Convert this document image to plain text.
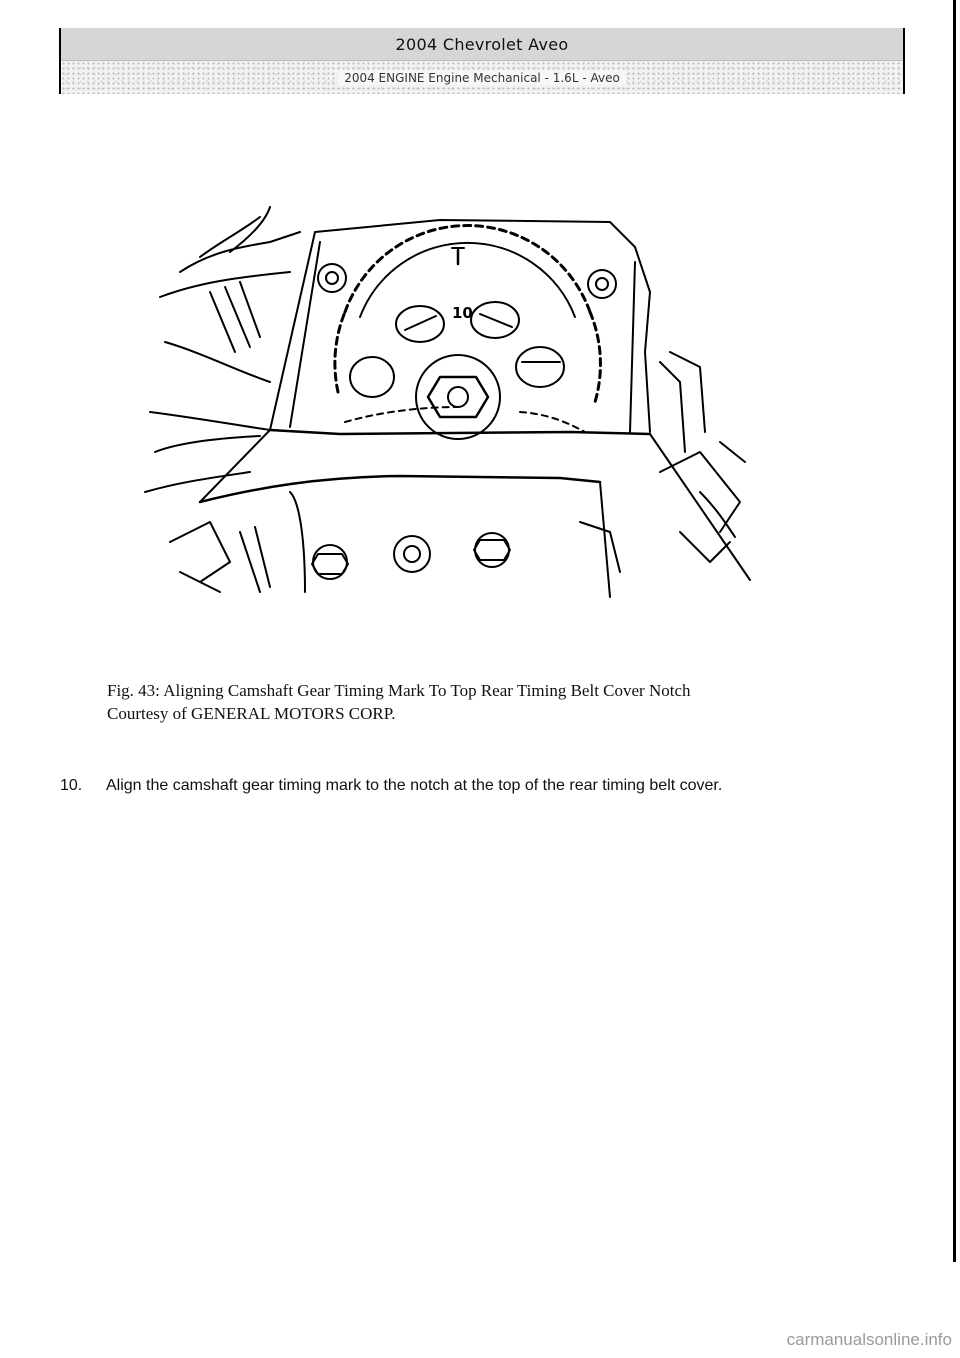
2004 Chevrolet Aveo
2004 ENGINE Engine Mechanical - 1.6L - Aveo
10
Fig. 43: Aligning Camshaft Gear Timing Mark To Top Rear Timing Belt Cover Notch
Courtesy of GENERAL MOTORS CORP.
10.	Align the camshaft gear timing mark to the notch at the top of the rear timing belt cover.
carmanualsonline.info
